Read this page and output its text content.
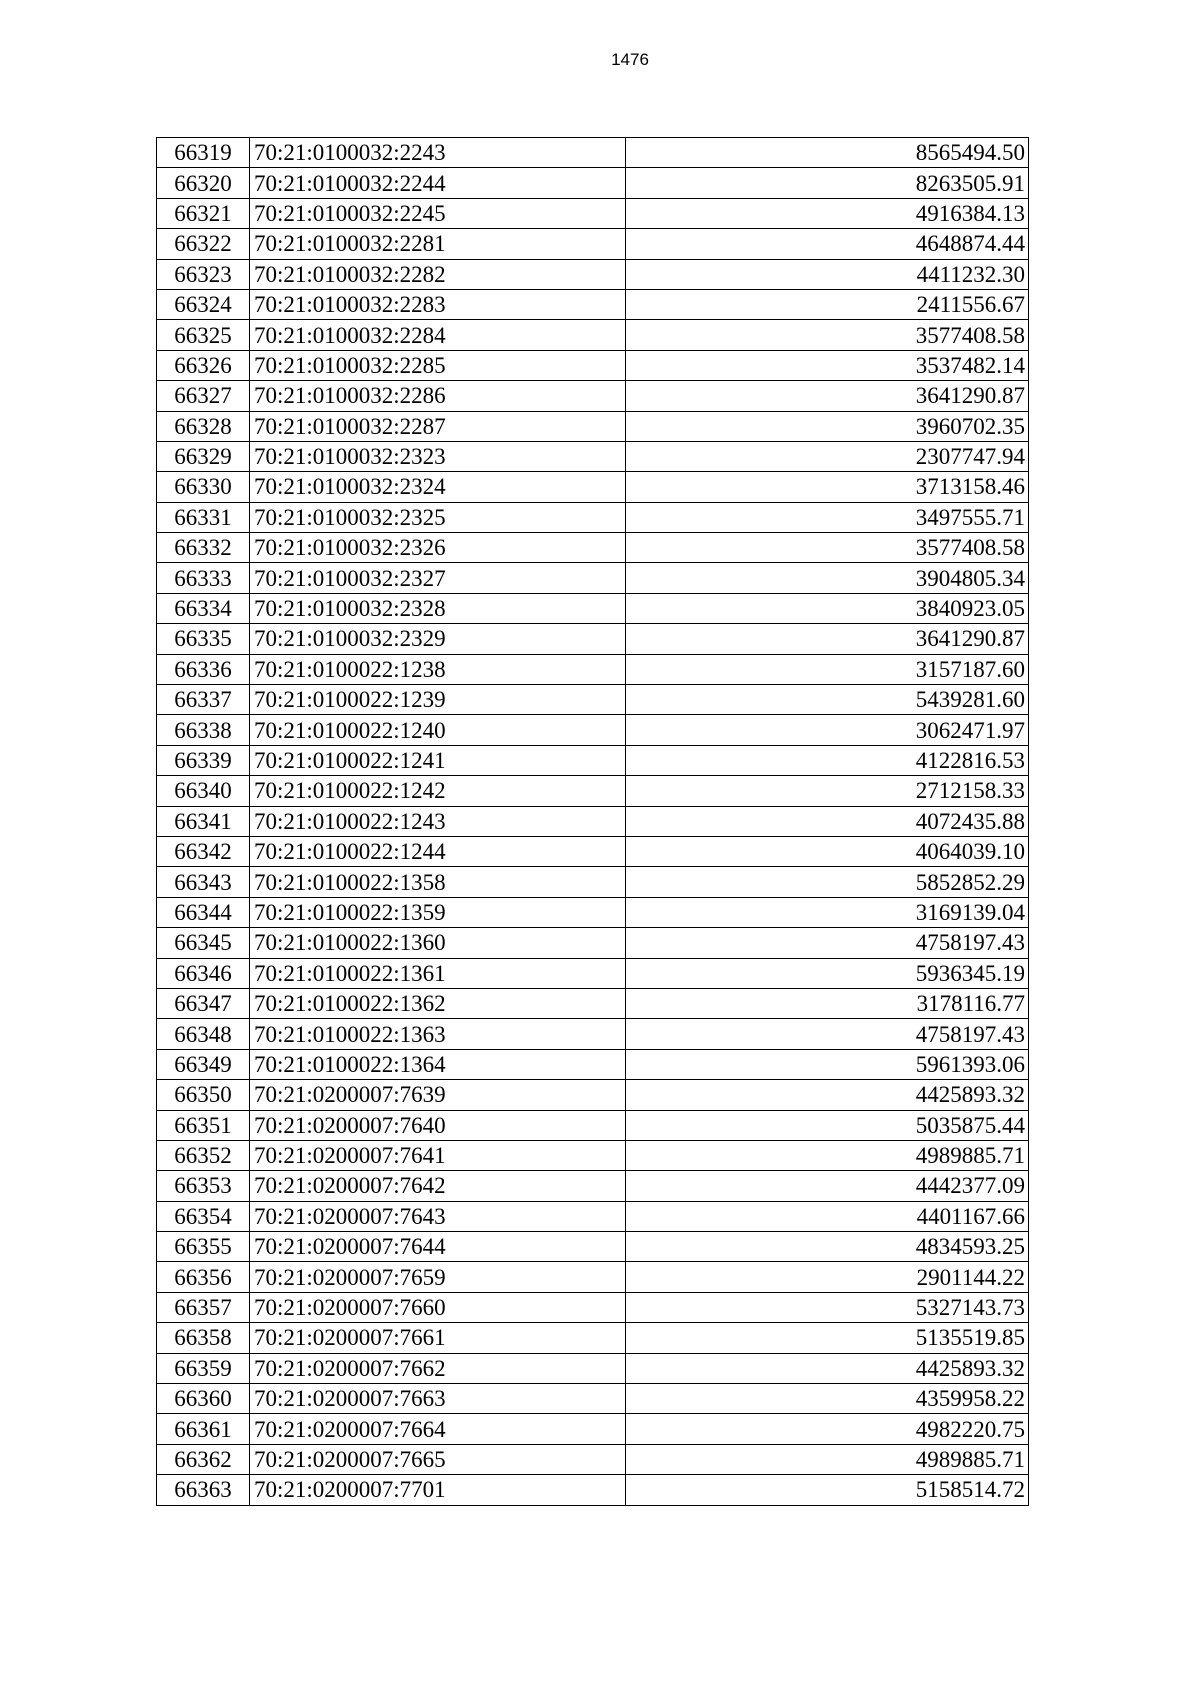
1476
66319	70:21:0100032:2243	8565494.50
66320	70:21:0100032:2244	8263505.91
66321	70:21:0100032:2245	4916384.13
66322	70:21:0100032:2281	4648874.44
66323	70:21:0100032:2282	4411232.30
66324	70:21:0100032:2283	2411556.67
66325	70:21:0100032:2284	3577408.58
66326	70:21:0100032:2285	3537482.14
66327	70:21:0100032:2286	3641290.87
66328	70:21:0100032:2287	3960702.35
66329	70:21:0100032:2323	2307747.94
66330	70:21:0100032:2324	3713158.46
66331	70:21:0100032:2325	3497555.71
66332	70:21:0100032:2326	3577408.58
66333	70:21:0100032:2327	3904805.34
66334	70:21:0100032:2328	3840923.05
66335	70:21:0100032:2329	3641290.87
66336	70:21:0100022:1238	3157187.60
66337	70:21:0100022:1239	5439281.60
66338	70:21:0100022:1240	3062471.97
66339	70:21:0100022:1241	4122816.53
66340	70:21:0100022:1242	2712158.33
66341	70:21:0100022:1243	4072435.88
66342	70:21:0100022:1244	4064039.10
66343	70:21:0100022:1358	5852852.29
66344	70:21:0100022:1359	3169139.04
66345	70:21:0100022:1360	4758197.43
66346	70:21:0100022:1361	5936345.19
66347	70:21:0100022:1362	3178116.77
66348	70:21:0100022:1363	4758197.43
66349	70:21:0100022:1364	5961393.06
66350	70:21:0200007:7639	4425893.32
66351	70:21:0200007:7640	5035875.44
66352	70:21:0200007:7641	4989885.71
66353	70:21:0200007:7642	4442377.09
66354	70:21:0200007:7643	4401167.66
66355	70:21:0200007:7644	4834593.25
66356	70:21:0200007:7659	2901144.22
66357	70:21:0200007:7660	5327143.73
66358	70:21:0200007:7661	5135519.85
66359	70:21:0200007:7662	4425893.32
66360	70:21:0200007:7663	4359958.22
66361	70:21:0200007:7664	4982220.75
66362	70:21:0200007:7665	4989885.71
66363	70:21:0200007:7701	5158514.72
